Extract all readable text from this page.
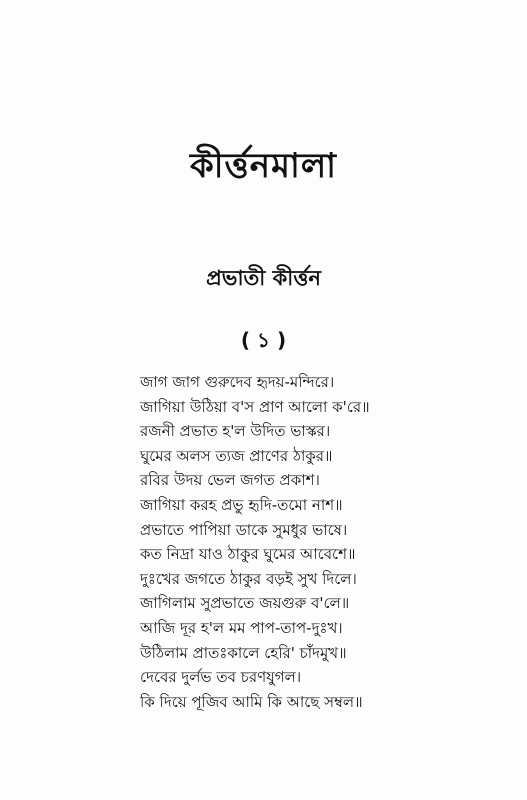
কীর্ত্তনমালা
প্রভাতী কীর্ত্তন
( ১ )
জাগ জাগ গুরুদেব হৃদয়-মন্দিরে।
জাগিয়া উঠিয়া ব'স প্রাণ আলো ক'রে॥
রজনী প্রভাত হ'ল উদিত ভাস্কর।
ঘুমের অলস ত্যজ প্রাণের ঠাকুর॥
রবির উদয় ভেল জগত প্রকাশ।
জাগিয়া করহ প্রভু হৃদি-তমো নাশ॥
প্রভাতে পাপিয়া ডাকে সুমধুর ভাষে।
কত নিদ্রা যাও ঠাকুর ঘুমের আবেশে॥
দুঃখের জগতে ঠাকুর বড়ই সুখ দিলে।
জাগিলাম সুপ্রভাতে জয়গুরু ব'লে॥
আজি দূর হ'ল মম পাপ-তাপ-দুঃখ।
উঠিলাম প্রাতঃকালে হেরি' চাঁদমুখ॥
দেবের দুর্লভ তব চরণযুগল।
কি দিয়ে পূজিব আমি কি আছে সম্বল॥
